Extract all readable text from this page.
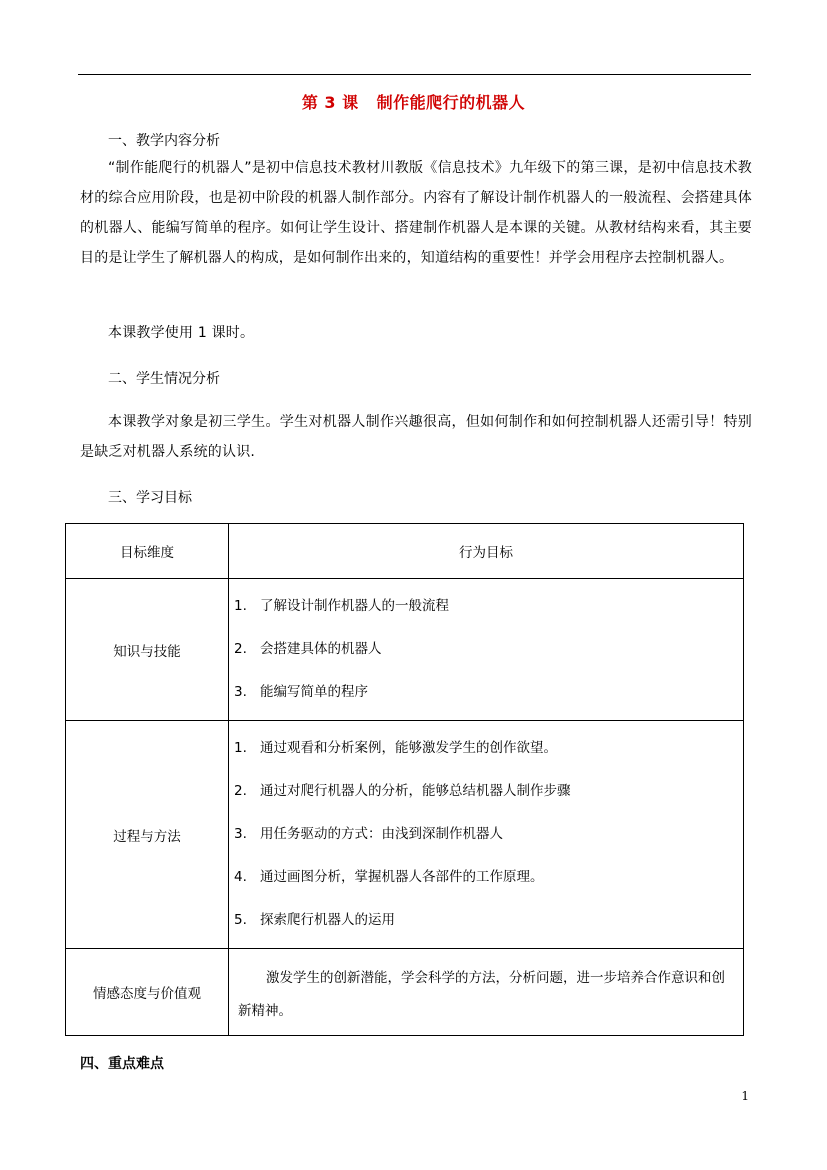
第 3 课 制作能爬行的机器人
一、教学内容分析
“制作能爬行的机器人”是初中信息技术教材川教版《信息技术》九年级下的第三课，是初中信息技术教材的综合应用阶段，也是初中阶段的机器人制作部分。内容有了解设计制作机器人的一般流程、会搭建具体的机器人、能编写简单的程序。如何让学生设计、搭建制作机器人是本课的关键。从教材结构来看，其主要目的是让学生了解机器人的构成，是如何制作出来的，知道结构的重要性！并学会用程序去控制机器人。
本课教学使用 1 课时。
二、学生情况分析
本课教学对象是初三学生。学生对机器人制作兴趣很高，但如何制作和如何控制机器人还需引导！特别是缺乏对机器人系统的认识.
三、学习目标
目标维度	行为目标
知识与技能	1. 了解设计制作机器人的一般流程
2. 会搭建具体的机器人
3. 能编写简单的程序

过程与方法	1. 通过观看和分析案例，能够激发学生的创作欲望。
2. 通过对爬行机器人的分析，能够总结机器人制作步骤
3. 用任务驱动的方式：由浅到深制作机器人
4. 通过画图分析，掌握机器人各部件的工作原理。
5. 探索爬行机器人的运用

情感态度与价值观	激发学生的创新潜能，学会科学的方法，分析问题，进一步培养合作意识和创新精神。
四、重点难点
1
